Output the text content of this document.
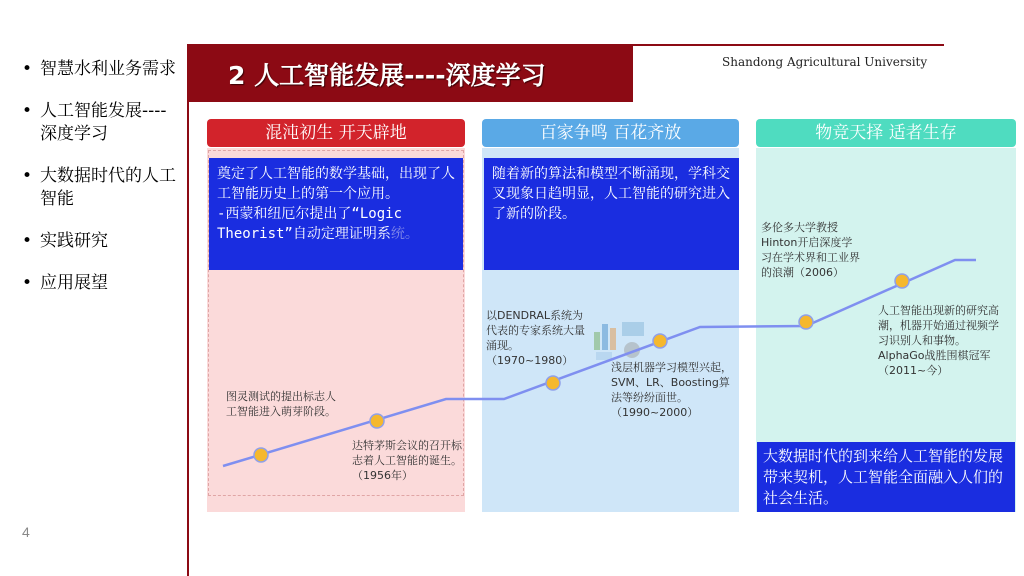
• 智慧水利业务需求
• 人工智能发展----深度学习
• 大数据时代的人工智能
• 实践研究
• 应用展望
4
2 人工智能发展----深度学习	Shandong Agricultural University
混沌初生 开天辟地	百家争鸣 百花齐放	物竞天择 适者生存
奠定了人工智能的数学基础，出现了人工智能历史上的第一个应用。
-西蒙和纽厄尔提出了“Logic Theorist”自动定理证明系统。
随着新的算法和模型不断涌现，学科交叉现象日趋明显，人工智能的研究进入了新的阶段。
大数据时代的到来给人工智能的发展带来契机，人工智能全面融入人们的社会生活。
图灵测试的提出标志人工智能进入萌芽阶段。
达特茅斯会议的召开标志着人工智能的诞生。（1956年）
以DENDRAL系统为代表的专家系统大量涌现。（1970~1980）
浅层机器学习模型兴起，SVM、LR、Boosting算法等纷纷面世。（1990~2000）
多伦多大学教授Hinton开启深度学习在学术界和工业界的浪潮（2006）
人工智能出现新的研究高潮，机器开始通过视频学习识别人和事物。AlphaGo战胜围棋冠军（2011~今）
